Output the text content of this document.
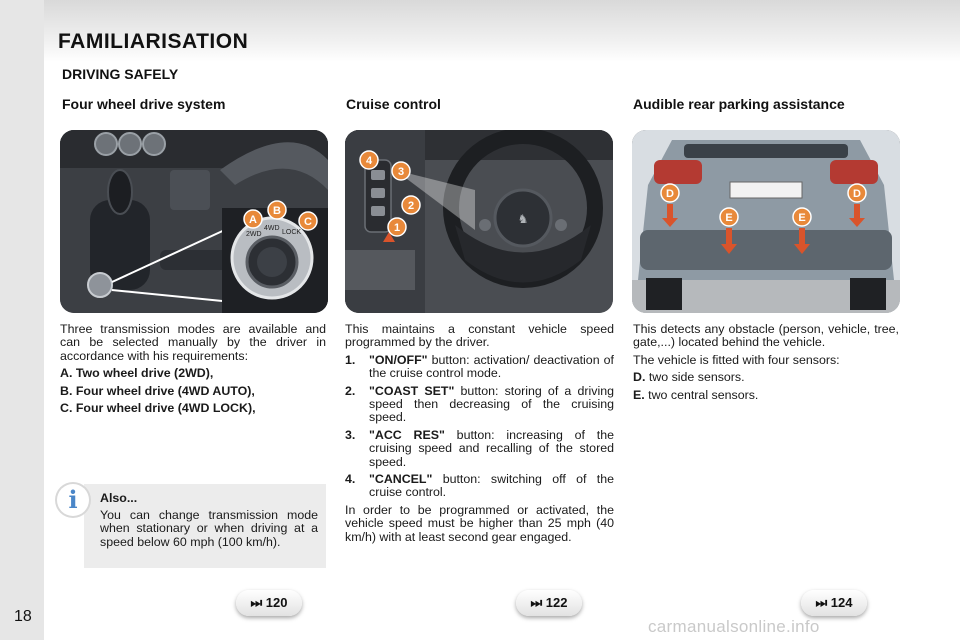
FAMILIARISATION
DRIVING SAFELY
Four wheel drive system	Cruise control	Audible rear parking assistance
2WD
4WD
LOCK
A
B
C	♞
4
3
2
1
D
E	E
D

Three transmission modes are available and can be selected manually by the driver in accordance with his requirements:

A. Two wheel drive (2WD),
B. Four wheel drive (4WD AUTO),
C. Four wheel drive (4WD LOCK),
i	Also...
You can change transmission mode when stationary or when driving at a speed below 60 mph (100 km/h).

This maintains a constant vehicle speed programmed by the driver.

1. "ON/OFF" button: activation/ deactivation of the cruise control mode.
2. "COAST SET" button: storing of a driving speed then decreasing of the cruising speed.
3. "ACC RES" button: increasing of the cruising speed and recalling of the stored speed.
4. "CANCEL" button: switching off of the cruise control.

In order to be programmed or activated, the vehicle speed must be higher than 25 mph (40 km/h) with at least second gear engaged.

This detects any obstacle (person, vehicle, tree, gate,...) located behind the vehicle.

The vehicle is fitted with four sensors:

D. two side sensors.

E. two central sensors.

⏭ 120	⏭ 122	⏭ 124
18
carmanualsonline.info
